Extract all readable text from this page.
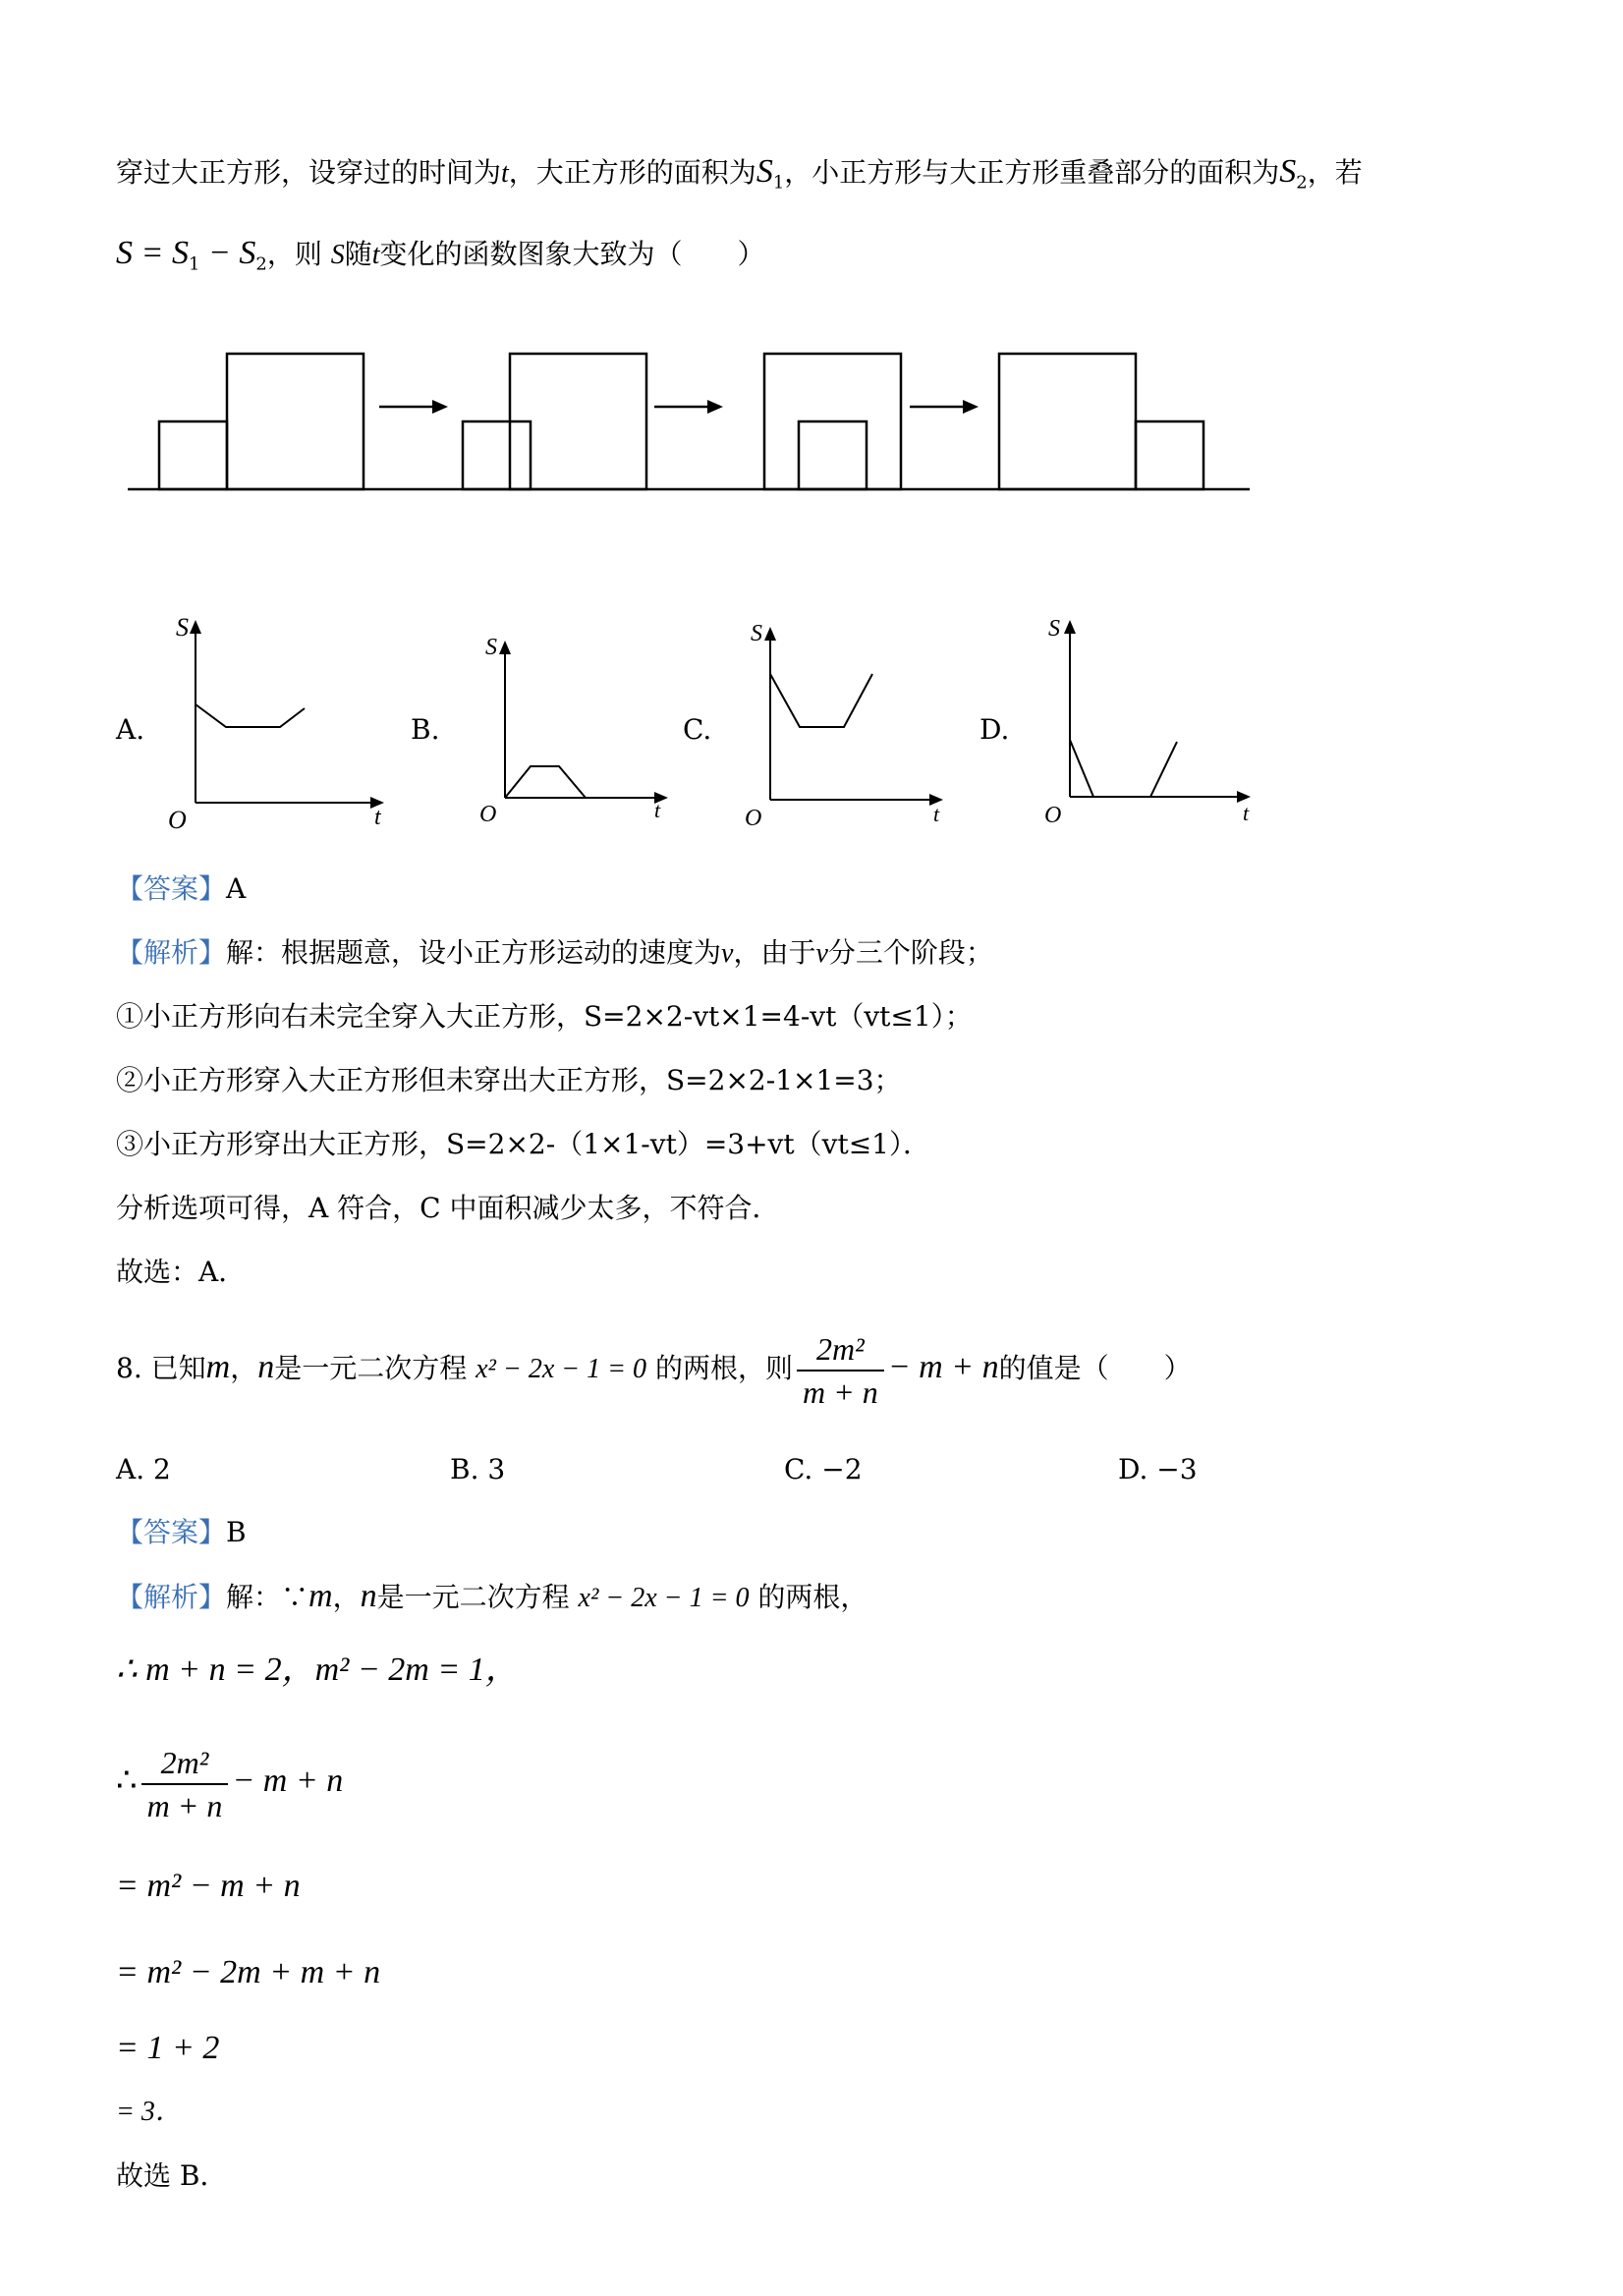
穿过大正方形，设穿过的时间为t，大正方形的面积为$S_1$，小正方形与大正方形重叠部分的面积为$S_2$，若
$S = S_1 - S_2$，则 S随t变化的函数图象大致为（　　）
A.	B.	C.	D.
S
t
O
S
t
O
S
t
O
S
t
O
【答案】A
【解析】解：根据题意，设小正方形运动的速度为v，由于v分三个阶段；
①小正方形向右未完全穿入大正方形，S=2×2-vt×1=4-vt（vt≤1）；
②小正方形穿入大正方形但未穿出大正方形，S=2×2-1×1=3；
③小正方形穿出大正方形，S=2×2-（1×1-vt）=3+vt（vt≤1）．
分析选项可得，A 符合，C 中面积减少太多，不符合．
故选：A．
8. 已知m，n是一元二次方程 x² − 2x − 1 = 0 的两根，则 $\frac{\text{2m²}}{m + n} - m + n$的值是（　　）
A. 2	B. 3	C. −2	D. −3
【答案】B
【解析】解：∵m，n是一元二次方程 x² − 2x − 1 = 0 的两根，
∴ m + n = 2，m² − 2m = 1，
∴ $\frac{\text{2m²}}{m + n} - m + n$
= m² − m + n
= m² − 2m + m + n
= 1 + 2
= 3．
故选 B．
